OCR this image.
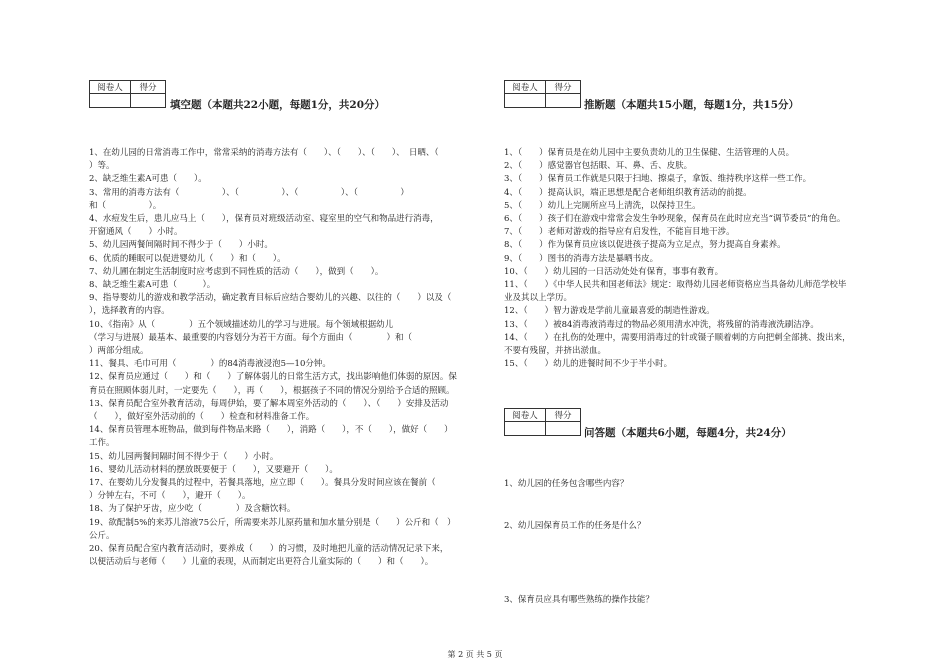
阅卷人	得分

填空题（本题共22小题，每题1分，共20分）

1、在幼儿园的日常消毒工作中，常常采纳的消毒方法有（　　）、（　　）、（　　）、　日晒、（

）等。

2、缺乏维生素A可患（　　）。

3、常用的消毒方法有（　　　　　）、（　　　　　）、（　　　　　）、（　　　　　）

和（　　　　　）。

4、水痘发生后，患儿应马上（　　），保育员对班级活动室、寝室里的空气和物品进行消毒，

开窗通风（　　）小时。

5、幼儿园两餐间隔时间不得少于（　　）小时。

6、优质的睡眠可以促进婴幼儿（　　）和（　　）。

7、幼儿圃在制定生活制度时应考虑到不同性质的活动（　　），做到（　　）。

8、缺乏维生素A可患（　　　）。

9、指导婴幼儿的游戏和教学活动，确定教育目标后应结合婴幼儿的兴趣、以往的（　　）以及（

），选择教育的内容。

10、《指南》从（　　　　）五个领域描述幼儿的学习与进展。每个领域根据幼儿

（学习与进展）最基本、最重要的内容划分为若干方面。每个方面由（　　　　）和（

）两部分组成。

11、餐具、毛巾可用（　　　　）的84消毒液浸泡5—10分钟。

12、保育员应通过（　　）和（　　）了解体弱儿的日常生活方式，找出影响他们体弱的原因。保

育员在照顾体弱儿时，一定要先（　　），再（　　），根据孩子不同的情况分别给予合适的照顾。

13、保育员配合室外教育活动，每周伊始，要了解本周室外活动的（　　）、（　　）安排及活动

（　　），做好室外活动前的（　　）检查和材料准备工作。

14、保育员管理本班物品，做到每件物品来路（　　），消路（　　），不（　　），做好（　　）

工作。

15、幼儿园两餐间隔时间不得少于（　　）小时。

16、婴幼儿活动材料的摆放既要便于（　　），又要避开（　　）。

17、在婴幼儿分发餐具的过程中，若餐具落地，应立即（　　）。餐具分发时间应该在餐前（

）分钟左右，不可（　　），避开（　　）。

18、为了保护牙齿，应少吃（　　　　）及含糖饮料。

19、欲配制5%的来苏儿溶液75公斤，所需要来苏儿原药量和加水量分别是（　　）公斤和（　）

公斤。

20、保育员配合室内教育活动时，要养成（　　）的习惯，及时地把儿童的活动情况记录下来，

以便活动后与老师（　　）儿童的表现，从而制定出更符合儿童实际的（　　）和（　　）。

阅卷人	得分

推断题（本题共15小题，每题1分，共15分）

1、（　　）保育员是在幼儿园中主要负责幼儿的卫生保健、生活管理的人员。

2、（　　）感觉器官包括眼、耳、鼻、舌、皮肤。

3、（　　）保育员工作就是只限于扫地、擦桌子，拿饭、维持秩序这样一些工作。

4、（　　）提高认识，端正思想是配合老师组织教育活动的前提。

5、（　　）幼儿上完厕所应马上清洗，以保持卫生。

6、（　　）孩子们在游戏中常常会发生争吵现象，保育员在此时应充当“调节委员”的角色。

7、（　　）老师对游戏的指导应有启发性，不能盲目地干涉。

8、（　　）作为保育员应该以促进孩子提高为立足点，努力提高自身素养。

9、（　　）图书的消毒方法是暴晒书皮。

10、（　　）幼儿园的一日活动处处有保育，事事有教育。

11、（　　）《中华人民共和国老师法》规定：取得幼儿园老师资格应当具备幼儿师范学校毕

业及其以上学历。

12、（　　）智力游戏是学前儿童最喜爱的制造性游戏。

13、（　　）被84消毒液消毒过的物品必须用清水冲洗，将残留的消毒液洗刷洁净。

14、（　　）在扎伤的处理中，需要用消毒过的针或镊子顺着刺的方向把刺全部挑、拨出来，

不要有残留，并挤出淤血。

15、（　　）幼儿的进餐时间不少于半小时。

阅卷人	得分

问答题（本题共6小题，每题4分，共24分）
1、幼儿园的任务包含哪些内容？
2、幼儿园保育员工作的任务是什么？
3、保育员应具有哪些熟练的操作技能？
第 2 页 共 5 页
